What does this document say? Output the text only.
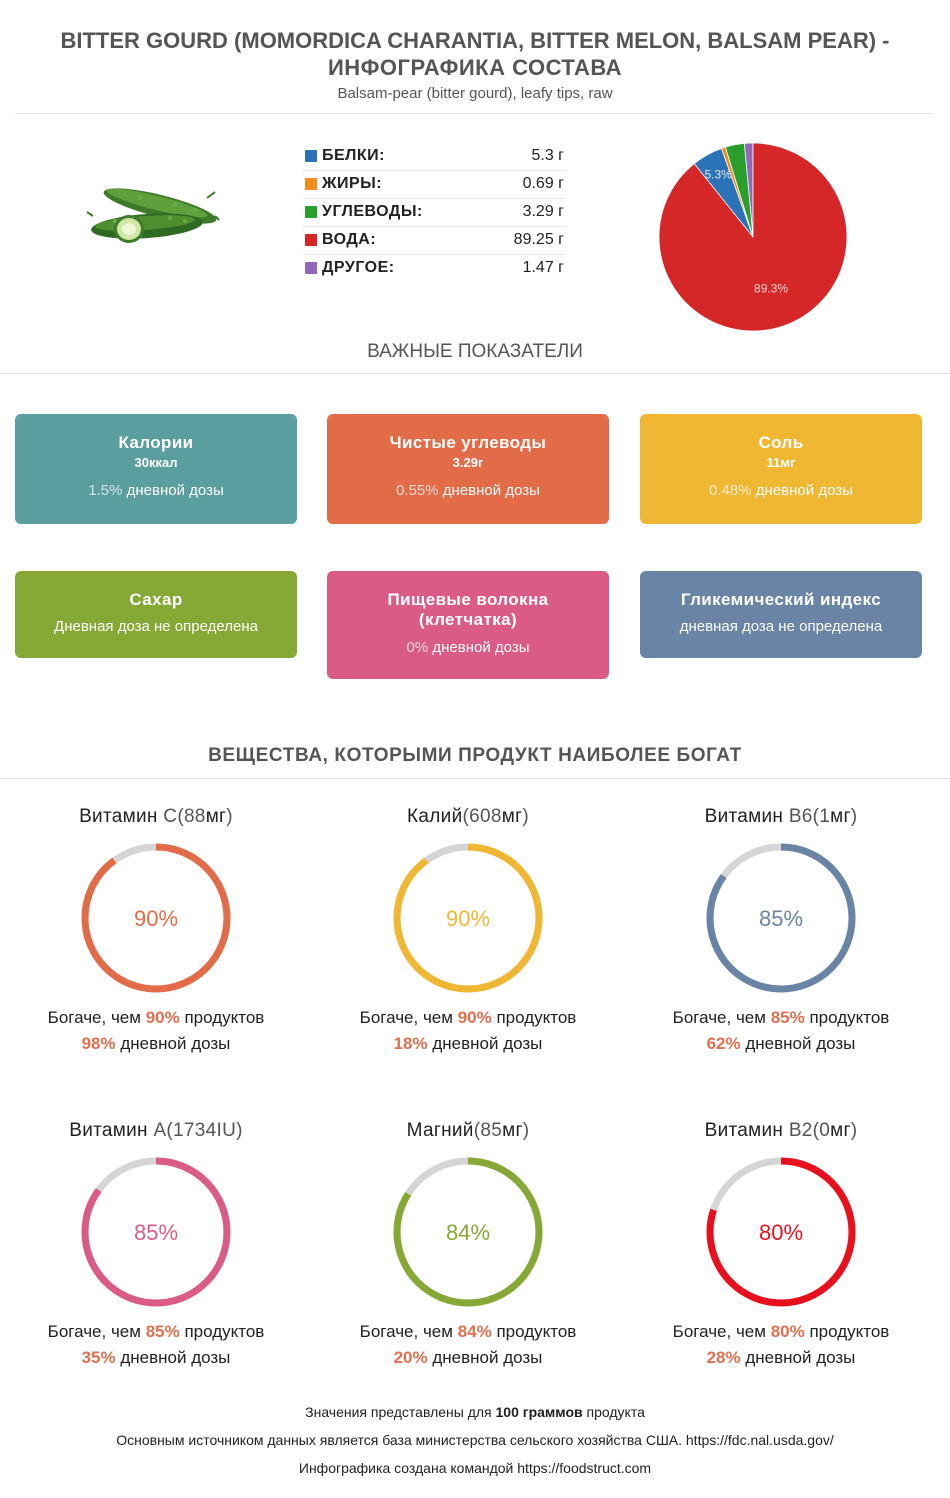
BITTER GOURD (MOMORDICA CHARANTIA, BITTER MELON, BALSAM PEAR) -
ИНФОГРАФИКА СОСТАВА
Balsam-pear (bitter gourd), leafy tips, raw
БЕЛКИ:	5.3 г
ЖИРЫ:	0.69 г
УГЛЕВОДЫ:	3.29 г
ВОДА:	89.25 г
ДРУГОЕ:	1.47 г
5.3%
89.3%
ВАЖНЫЕ ПОКАЗАТЕЛИ
Калории
30ккал
1.5% дневной дозы
Чистые углеводы
3.29г
0.55% дневной дозы
Соль
11мг
0.48% дневной дозы
Сахар
Дневная доза не определена
Пищевые волокна
(клетчатка)
0% дневной дозы
Гликемический индекс
дневная доза не определена
ВЕЩЕСТВА, КОТОРЫМИ ПРОДУКТ НАИБОЛЕЕ БОГАТ
Витамин C(88мг)
90%
Богаче, чем 90% продуктов
98% дневной дозы
Калий(608мг)
90%
Богаче, чем 90% продуктов
18% дневной дозы
Витамин B6(1мг)
85%
Богаче, чем 85% продуктов
62% дневной дозы
Витамин A(1734IU)
85%
Богаче, чем 85% продуктов
35% дневной дозы
Магний(85мг)
84%
Богаче, чем 84% продуктов
20% дневной дозы
Витамин B2(0мг)
80%
Богаче, чем 80% продуктов
28% дневной дозы
Значения представлены для 100 граммов продукта
Основным источником данных является база министерства сельского хозяйства США. https://fdc.nal.usda.gov/
Инфографика создана командой https://foodstruct.com
